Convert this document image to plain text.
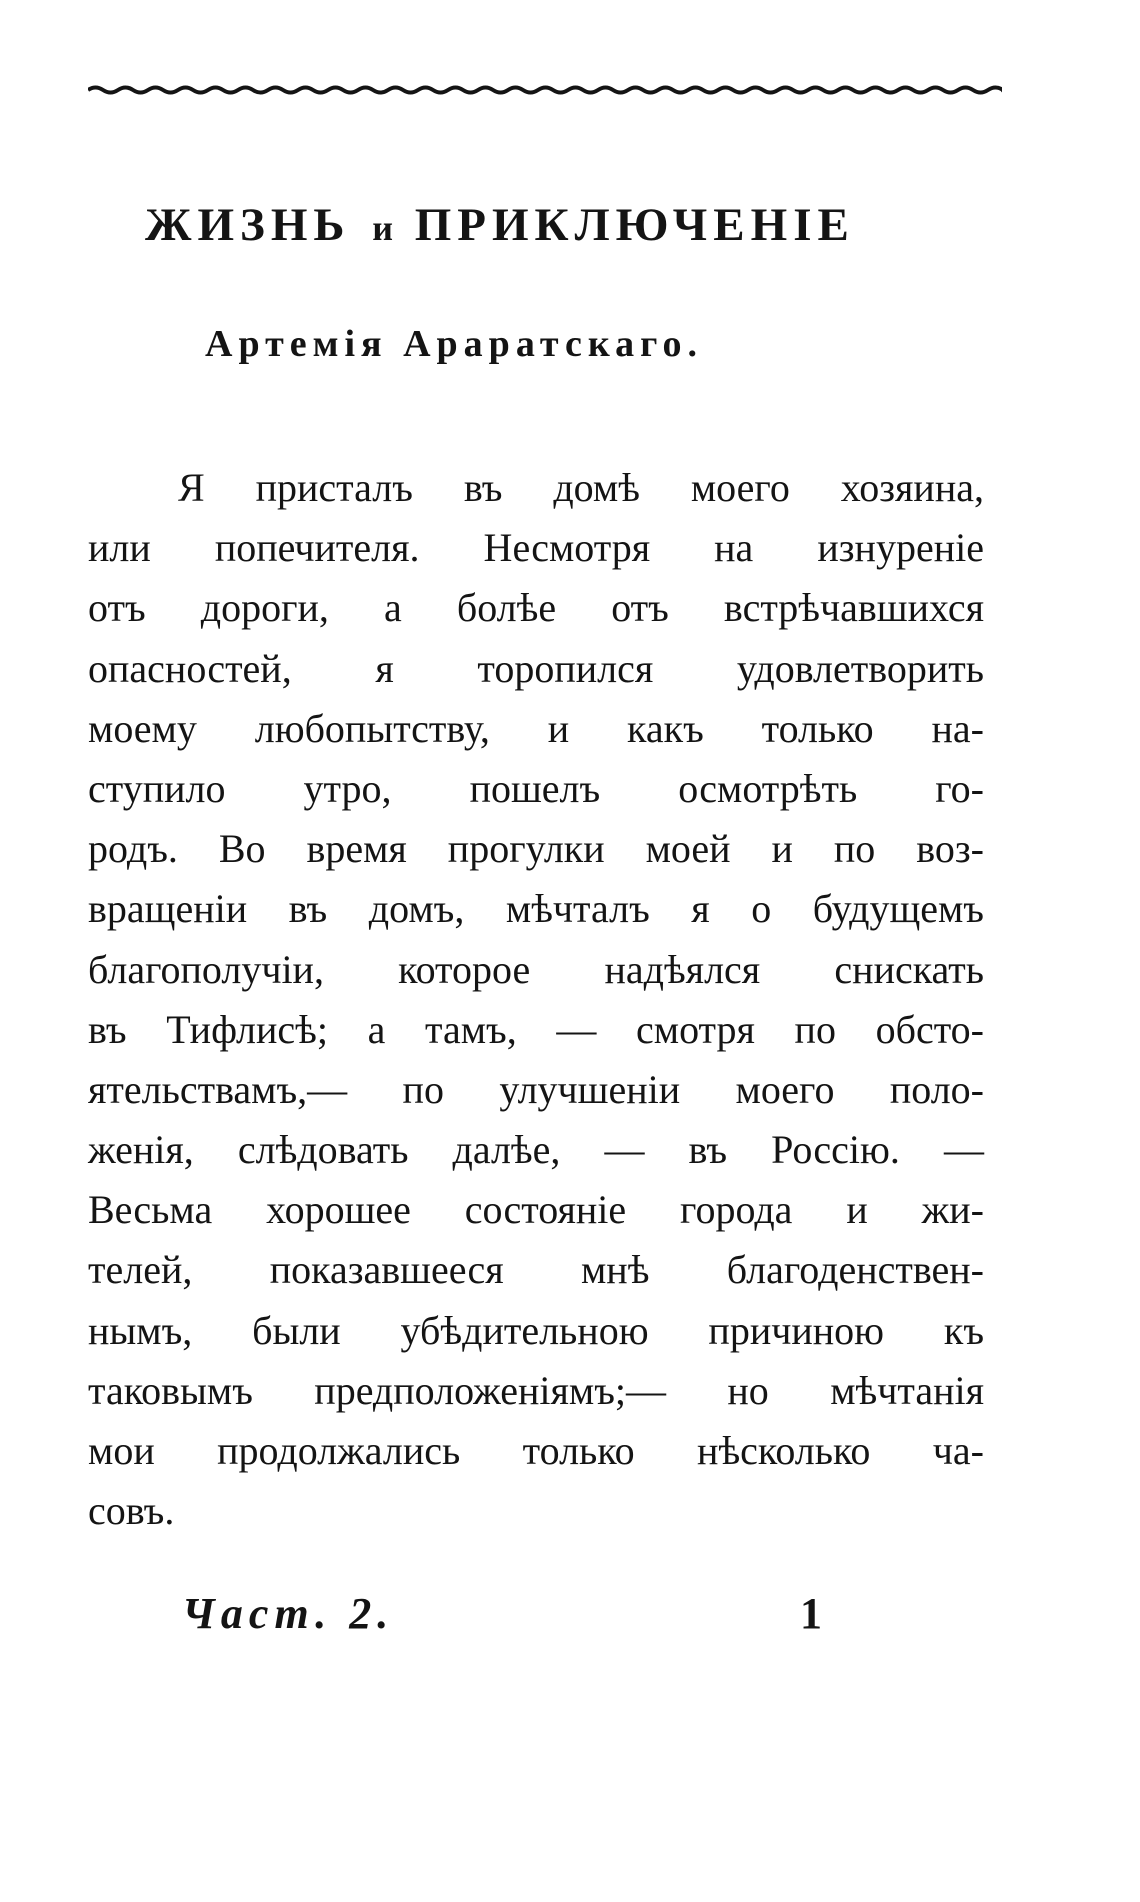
ЖИЗНЬ и ПРИКЛЮЧЕНІЕ
Артемія Араратскаго.
Я присталъ въ домѣ моего хозяина,
или попечителя. Несмотря на изнуреніе
отъ дороги, а болѣе отъ встрѣчавшихся
опасностей, я торопился удовлетворить
моему любопытству, и какъ только на-
ступило утро, пошелъ осмотрѣть го-
родъ. Во время прогулки моей и по воз-
вращеніи въ домъ, мѣчталъ я о будущемъ
благополучіи, которое надѣялся снискать
въ Тифлисѣ; а тамъ, — смотря по обсто-
ятельствамъ,— по улучшеніи моего поло-
женія, слѣдовать далѣе, — въ Россію. —
Весьма хорошее состояніе города и жи-
телей, показавшееся мнѣ благоденствен-
нымъ, были убѣдительною причиною къ
таковымъ предположеніямъ;— но мѣчтанія
мои продолжались только нѣсколько ча-
совъ.
Част. 2.	1
